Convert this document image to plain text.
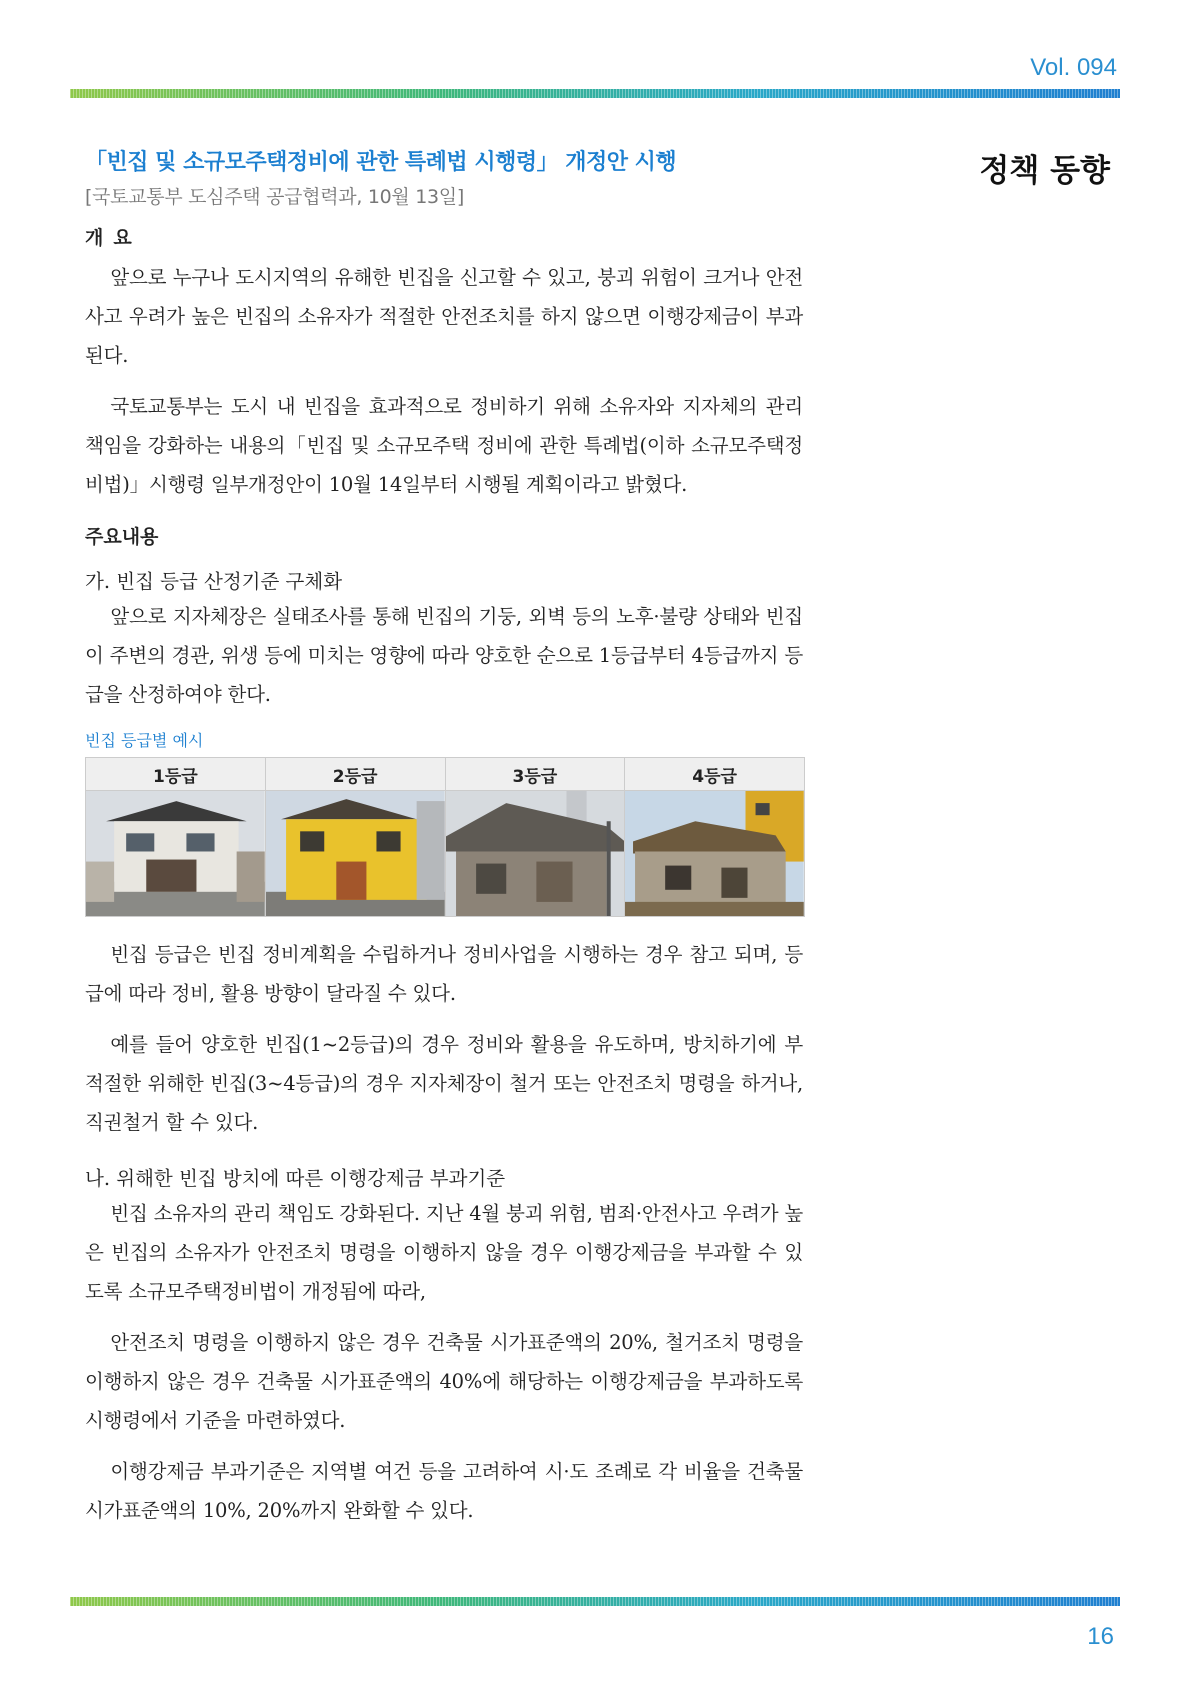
Vol. 094
정책 동향
「빈집 및 소규모주택정비에 관한 특례법 시행령」 개정안 시행
[국토교통부 도심주택 공급협력과, 10월 13일]
개요

앞으로 누구나 도시지역의 유해한 빈집을 신고할 수 있고, 붕괴 위험이 크거나 안전사고 우려가 높은 빈집의 소유자가 적절한 안전조치를 하지 않으면 이행강제금이 부과된다.

국토교통부는 도시 내 빈집을 효과적으로 정비하기 위해 소유자와 지자체의 관리 책임을 강화하는 내용의「빈집 및 소규모주택 정비에 관한 특례법(이하 소규모주택정비법)」시행령 일부개정안이 10월 14일부터 시행될 계획이라고 밝혔다.

주요내용
가. 빈집 등급 산정기준 구체화

앞으로 지자체장은 실태조사를 통해 빈집의 기둥, 외벽 등의 노후·불량 상태와 빈집이 주변의 경관, 위생 등에 미치는 영향에 따라 양호한 순으로 1등급부터 4등급까지 등급을 산정하여야 한다.

빈집 등급별 예시
1등급	2등급	3등급	4등급

빈집 등급은 빈집 정비계획을 수립하거나 정비사업을 시행하는 경우 참고 되며, 등급에 따라 정비, 활용 방향이 달라질 수 있다.

예를 들어 양호한 빈집(1~2등급)의 경우 정비와 활용을 유도하며, 방치하기에 부적절한 위해한 빈집(3~4등급)의 경우 지자체장이 철거 또는 안전조치 명령을 하거나, 직권철거 할 수 있다.

나. 위해한 빈집 방치에 따른 이행강제금 부과기준

빈집 소유자의 관리 책임도 강화된다. 지난 4월 붕괴 위험, 범죄·안전사고 우려가 높은 빈집의 소유자가 안전조치 명령을 이행하지 않을 경우 이행강제금을 부과할 수 있도록 소규모주택정비법이 개정됨에 따라,

안전조치 명령을 이행하지 않은 경우 건축물 시가표준액의 20%, 철거조치 명령을 이행하지 않은 경우 건축물 시가표준액의 40%에 해당하는 이행강제금을 부과하도록 시행령에서 기준을 마련하였다.

이행강제금 부과기준은 지역별 여건 등을 고려하여 시·도 조례로 각 비율을 건축물 시가표준액의 10%, 20%까지 완화할 수 있다.

16
